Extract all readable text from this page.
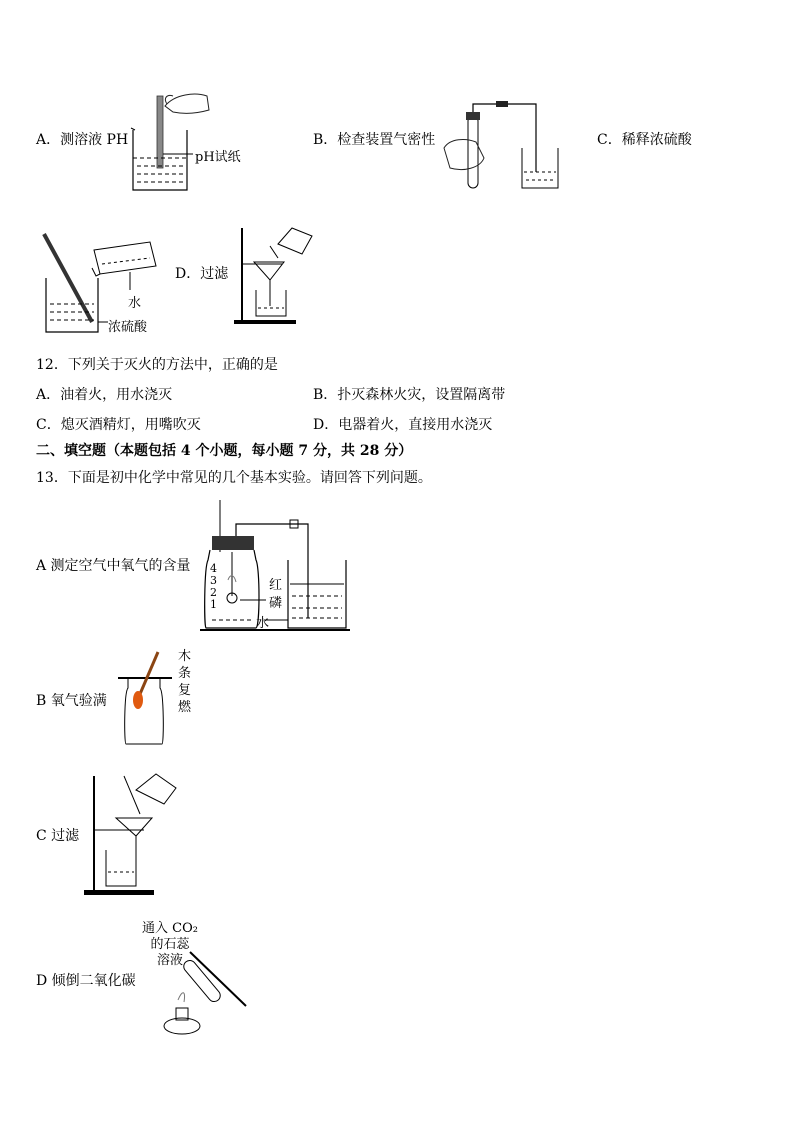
A．测溶液 PH
pH试纸
B．检查装置气密性	C．稀释浓硫酸
水
浓硫酸
D．过滤
12．下列关于灭火的方法中，正确的是
A．油着火，用水浇灭	B．扑灭森林火灾，设置隔离带
C．熄灭酒精灯，用嘴吹灭	D．电器着火，直接用水浇灭
二、填空题（本题包括 4 个小题，每小题 7 分，共 28 分）
13．下面是初中化学中常见的几个基本实验。请回答下列问题。
A 测定空气中氧气的含量 4
3
2
1
红
磷
水
B 氧气验满
木
条
复
燃
C 过滤
D 倾倒二氧化碳
通入 CO₂
的石蕊
溶液
